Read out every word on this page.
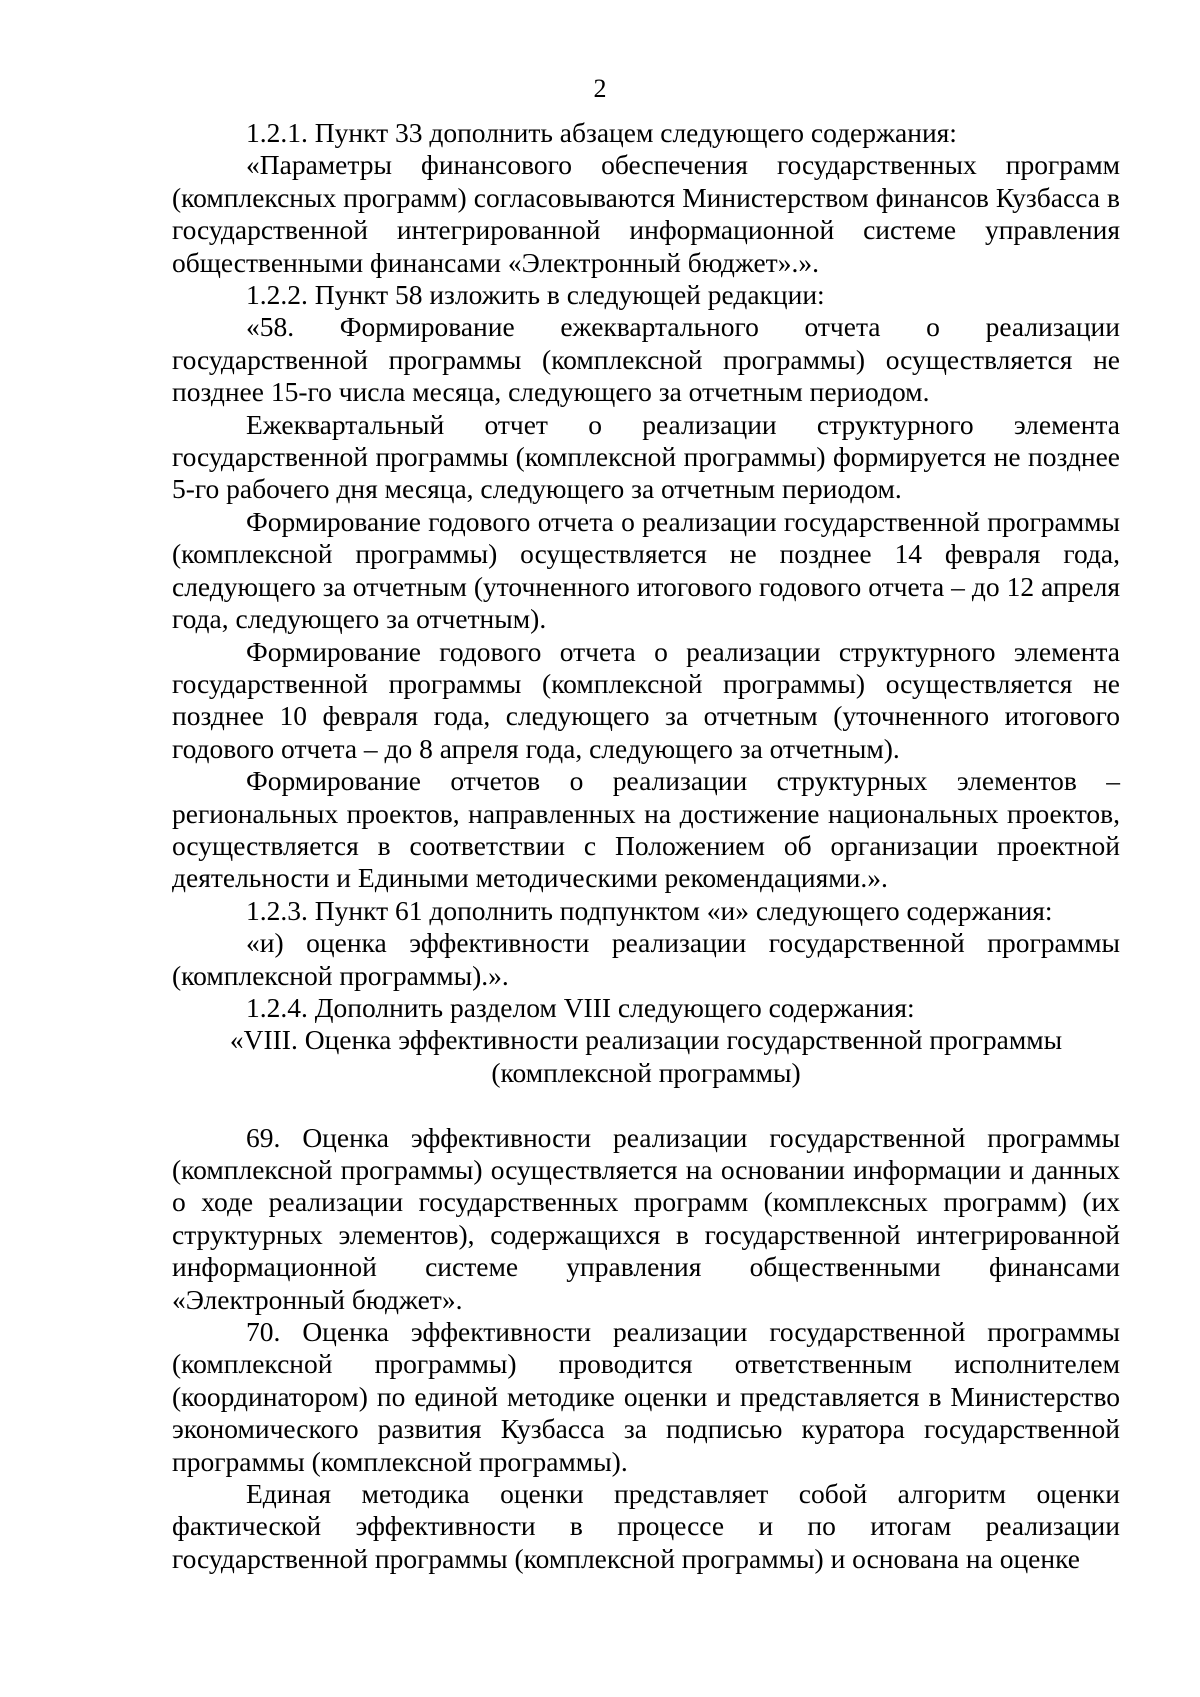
2

1.2.1. Пункт 33 дополнить абзацем следующего содержания:

«Параметры финансового обеспечения государственных программ (комплексных программ) согласовываются Министерством финансов Кузбасса в государственной интегрированной информационной системе управления общественными финансами «Электронный бюджет».».

1.2.2. Пункт 58 изложить в следующей редакции:

«58. Формирование ежеквартального отчета о реализации государственной программы (комплексной программы) осуществляется не позднее 15-го числа месяца, следующего за отчетным периодом.

Ежеквартальный отчет о реализации структурного элемента государственной программы (комплексной программы) формируется не позднее 5-го рабочего дня месяца, следующего за отчетным периодом.

Формирование годового отчета о реализации государственной программы (комплексной программы) осуществляется не позднее 14 февраля года, следующего за отчетным (уточненного итогового годового отчета – до 12 апреля года, следующего за отчетным).

Формирование годового отчета о реализации структурного элемента государственной программы (комплексной программы) осуществляется не позднее 10 февраля года, следующего за отчетным (уточненного итогового годового отчета – до 8 апреля года, следующего за отчетным).

Формирование отчетов о реализации структурных элементов – региональных проектов, направленных на достижение национальных проектов, осуществляется в соответствии с Положением об организации проектной деятельности и Едиными методическими рекомендациями.».

1.2.3. Пункт 61 дополнить подпунктом «и» следующего содержания:

«и) оценка эффективности реализации государственной программы (комплексной программы).».

1.2.4. Дополнить разделом VIII следующего содержания:

«VIII. Оценка эффективности реализации государственной программы

(комплексной программы)

69. Оценка эффективности реализации государственной программы (комплексной программы) осуществляется на основании информации и данных о ходе реализации государственных программ (комплексных программ) (их структурных элементов), содержащихся в государственной интегрированной информационной системе управления общественными финансами «Электронный бюджет».

70. Оценка эффективности реализации государственной программы (комплексной программы) проводится ответственным исполнителем (координатором) по единой методике оценки и представляется в Министерство экономического развития Кузбасса за подписью куратора государственной программы (комплексной программы).

Единая методика оценки представляет собой алгоритм оценки фактической эффективности в процессе и по итогам реализации государственной программы (комплексной программы) и основана на оценке
